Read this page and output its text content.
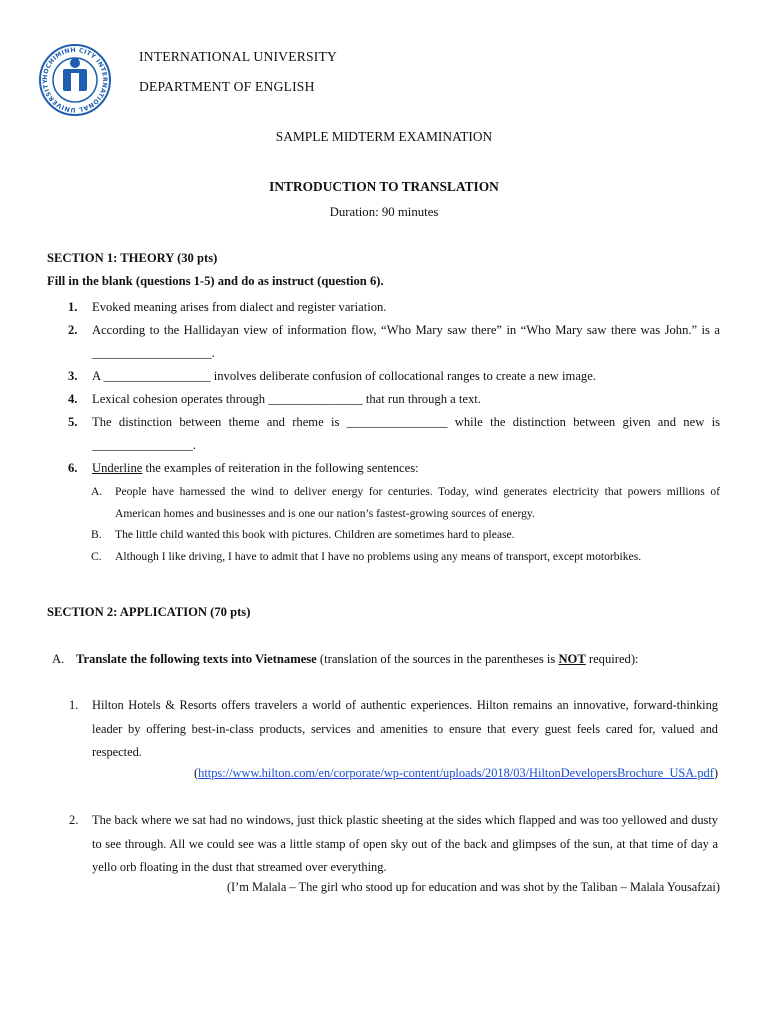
HOCHIMINH CITY INTERNATIONAL UNIVERSITY
INTERNATIONAL UNIVERSITY
DEPARTMENT OF ENGLISH
SAMPLE MIDTERM EXAMINATION
INTRODUCTION TO TRANSLATION
Duration: 90 minutes
SECTION 1: THEORY (30 pts)
Fill in the blank (questions 1-5) and do as instruct (question 6).
1.	Evoked meaning arises from dialect and register variation.
2.	According to the Hallidayan view of information flow, “Who Mary saw there” in “Who Mary saw there was John.” is a ___________________.
3.	A _________________ involves deliberate confusion of collocational ranges to create a new image.
4.	Lexical cohesion operates through _______________ that run through a text.
5.	The distinction between theme and rheme is ________________ while the distinction between given and new is ________________.
6.	Underline the examples of reiteration in the following sentences:
A. People have harnessed the wind to deliver energy for centuries. Today, wind generates electricity that powers millions of American homes and businesses and is one our nation’s fastest-growing sources of energy.
B. The little child wanted this book with pictures. Children are sometimes hard to please.
C. Although I like driving, I have to admit that I have no problems using any means of transport, except motorbikes.
SECTION 2: APPLICATION (70 pts)
A. Translate the following texts into Vietnamese (translation of the sources in the parentheses is NOT required):
1. Hilton Hotels & Resorts offers travelers a world of authentic experiences. Hilton remains an innovative, forward-thinking leader by offering best-in-class products, services and amenities to ensure that every guest feels cared for, valued and respected.
(https://www.hilton.com/en/corporate/wp-content/uploads/2018/03/HiltonDevelopersBrochure_USA.pdf)
2. The back where we sat had no windows, just thick plastic sheeting at the sides which flapped and was too yellowed and dusty to see through. All we could see was a little stamp of open sky out of the back and glimpses of the sun, at that time of day a yello orb floating in the dust that streamed over everything.
(I’m Malala – The girl who stood up for education and was shot by the Taliban – Malala Yousafzai)
